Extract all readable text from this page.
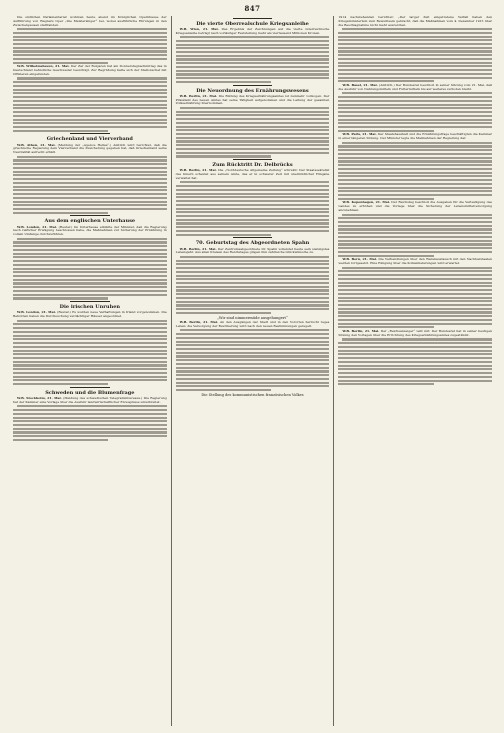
847

Die südlichen Parlamentarier wohnten heute abend im Königlichen Opernhause der Aufführung von Wagners Oper „Die Meistersinger“ bei, wobei ausführliche Ehrungen in den Zwischenpausen stattfanden.

W.B. Wilhelmshaven, 21. Mai. Der Zar der Bulgaren hat am Donnerstagnachmittag das in Deutschland befindliche Geschwader besichtigt. Zur Begrüßung hatte sich der Stationschef mit Offizieren eingefunden.

Griechenland und Vierverband

W.B. Athen, 21. Mai. (Meldung der „Agence Hellas“.) Amtlich wird berichtet, daß die griechische Regierung dem Vierverband die Zusicherung gegeben hat, daß Griechenland seine Neutralität aufrecht erhält.

Aus dem englischen Unterhause

W.B. London, 21. Mai. (Reuter.) Im Unterhause erklärte der Minister, daß die Regierung nach reiflicher Erwägung beschlossen habe, die Maßnahmen zur Sicherung der Ernährung in vollem Umfange durchzuführen.

Die irischen Unruhen

W.B. London, 21. Mai. (Reuter.) Es wurden neue Verhaftungen in Irland vorgenommen. Die Behörden haben die Durchsuchung verdächtiger Häuser angeordnet.

Schweden und die Blumenfrage

W.B. Stockholm, 21. Mai. (Meldung des schwedischen Telegrammbureaus.) Die Regierung hat der Kammer eine Vorlage über die Ausfuhr landwirtschaftlicher Erzeugnisse unterbreitet.

Die vierte Oberrealschule Kriegsanleihe

W.B. Wien, 21. Mai. Das Ergebnis der Zeichnungen auf die vierte österreichische Kriegsanleihe beträgt nach vorläufiger Feststellung mehr als viertausend Millionen Kronen.

Die Neuordnung des Ernährungswesens

W.B. Berlin, 21. Mai. Die Bildung des Kriegsernährungsamtes ist nunmehr vollzogen. Der Präsident des neuen Amtes hat seine Tätigkeit aufgenommen und die Leitung der gesamten Volksernährung übernommen.

Zum Rücktritt Dr. Delbrücks

W.B. Berlin, 21. Mai. Die „Norddeutsche Allgemeine Zeitung“ schreibt: Der Staatssekretär des Innern scheidet aus seinem Amte, das er in schwerer Zeit mit unermüdlicher Hingabe verwaltet hat.

70. Geburtstag des Abgeordneten Spahn

W.B. Berlin, 21. Mai. Der Zentrumsabgeordnete Dr. Spahn vollendet heute sein siebzigstes Lebensjahr. Aus allen Kreisen des Reichstages gingen ihm zahlreiche Glückwünsche zu.

„Wir sind nimmermüde ausgehungert“

W.B. Berlin, 21. Mai. An den Ausgängen der Stadt und in den Vororten herrscht reges Leben; die Versorgung der Bevölkerung wird nach den neuen Bestimmungen geregelt.

Die Stellung des kommunistischen französischen Volkes

1914 nachstehenden berichtet: „Der larger Zeit eingetretene Verfall haben den Kriegsministerium zum Bewußtsein gebracht, daß die Maßnahmen vom 4. Dezember 1915 über die Beschlagnahme nicht mehr ausreichen.

W.B. Basel, 21. Mai. (Amtlich.) Der Bundesrat beschloß in seiner Sitzung vom 21. Mai, daß die Ausfuhr von Nahrungsmitteln und Futtermitteln bis auf weiteres verboten bleibt.

W.B. Paris, 21. Mai. Der Staatshaushalt und die Ernährungsfrage beschäftigten die Kammer in einer längeren Sitzung. Der Minister legte die Maßnahmen der Regierung dar.

W.B. Kopenhagen, 21. Mai. Der Reichstag beschloß die Ausgaben für die Verteidigung des Landes zu erhöhen und die Vorlage über die Sicherung der Lebensmittelversorgung anzunehmen.

W.B. Bern, 21. Mai. Die Verhandlungen über den Warenaustausch mit den Nachbarstaaten werden fortgesetzt. Eine Einigung über die Kohlenlieferungen wird erwartet.

W.B. Berlin, 21. Mai. Der „Reichsanzeiger“ teilt mit: Der Bundesrat hat in seiner heutigen Sitzung den Vorlagen über die Errichtung des Kriegsernährungsamtes zugestimmt.
